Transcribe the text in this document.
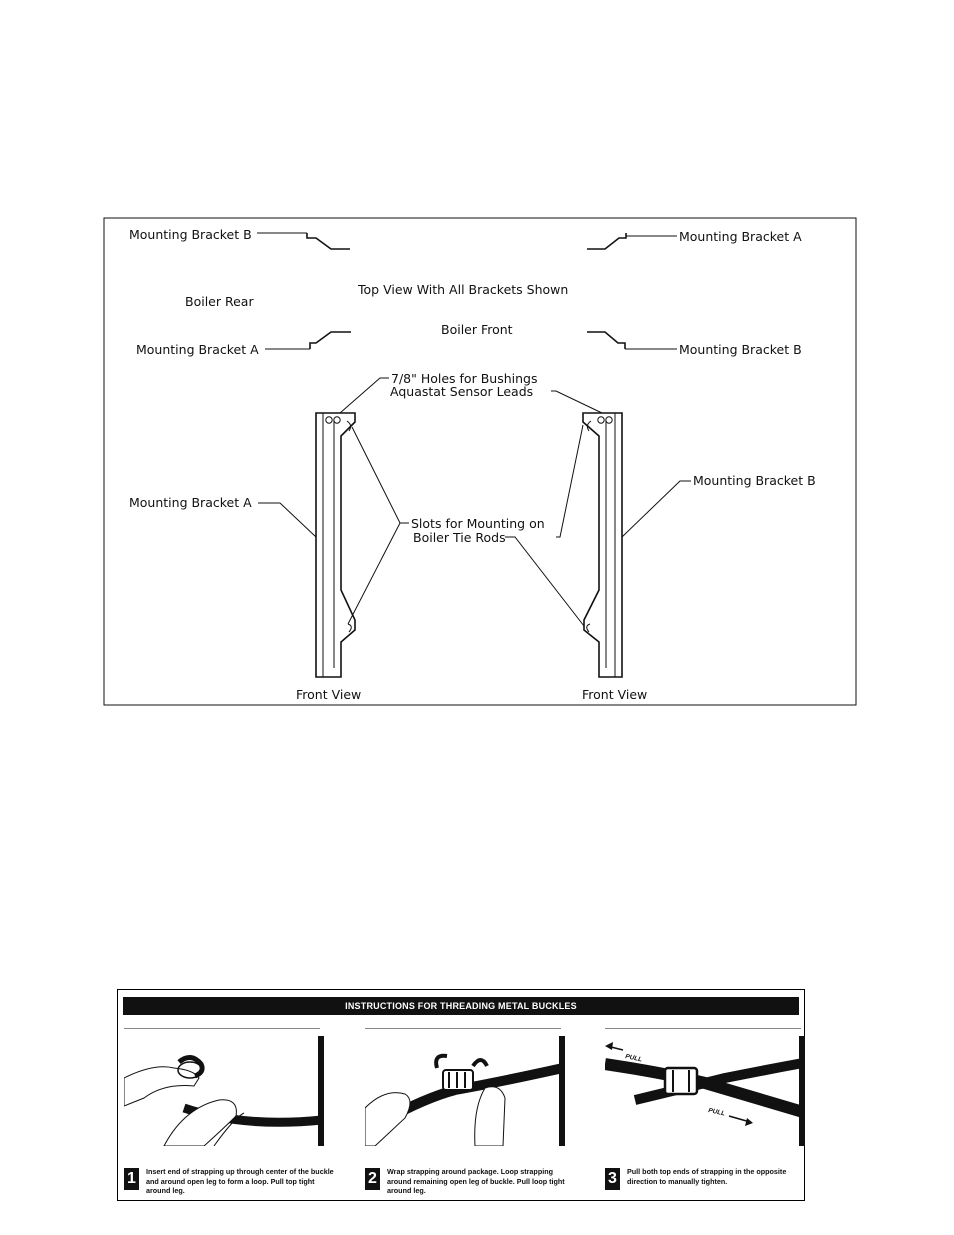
Mounting Bracket B	Mounting Bracket A
Top View With All Brackets Shown
Boiler Rear
Boiler Front
Mounting Bracket A	Mounting Bracket B
7/8" Holes for Bushings
Aquastat Sensor Leads
Mounting Bracket A
Mounting Bracket B
Slots for Mounting on
Boiler Tie Rods
Front View	Front View
INSTRUCTIONS FOR THREADING METAL BUCKLES
PULL
PULL
1	Insert end of strapping up through center of the buckle and around open leg to form a loop. Pull top tight around leg.
2	Wrap strapping around package. Loop strapping around remaining open leg of buckle. Pull loop tight around leg.
3	Pull both top ends of strapping in the opposite direction to manually tighten.
